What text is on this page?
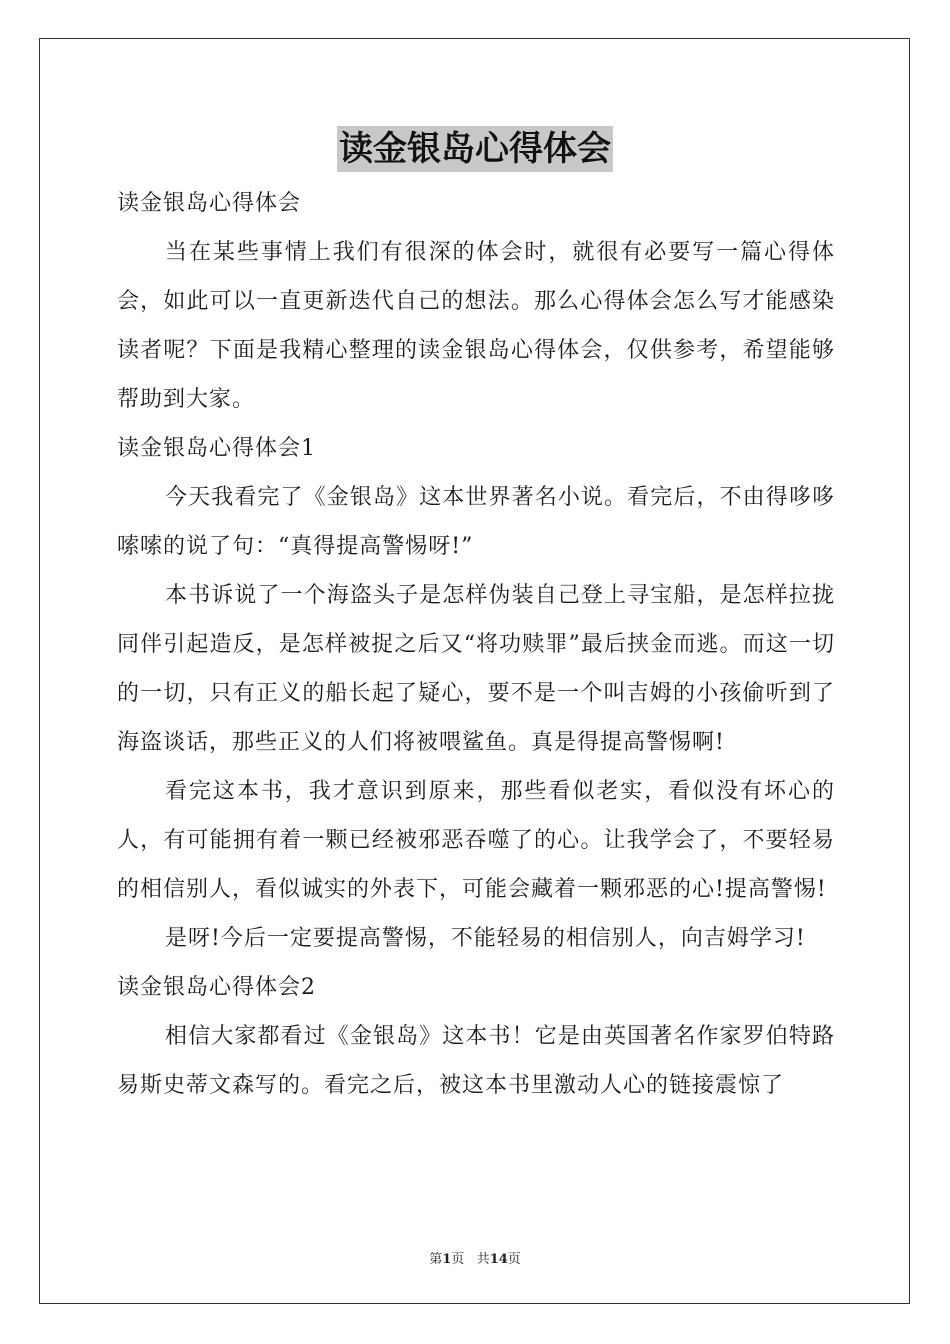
读金银岛心得体会

读金银岛心得体会

当在某些事情上我们有很深的体会时，就很有必要写一篇心得体会，如此可以一直更新迭代自己的想法。那么心得体会怎么写才能感染读者呢？下面是我精心整理的读金银岛心得体会，仅供参考，希望能够帮助到大家。

读金银岛心得体会1

今天我看完了《金银岛》这本世界著名小说。看完后，不由得哆哆嗦嗦的说了句：“真得提高警惕呀!”

本书诉说了一个海盗头子是怎样伪装自己登上寻宝船，是怎样拉拢同伴引起造反，是怎样被捉之后又“将功赎罪”最后挟金而逃。而这一切的一切，只有正义的船长起了疑心，要不是一个叫吉姆的小孩偷听到了海盗谈话，那些正义的人们将被喂鲨鱼。真是得提高警惕啊!

看完这本书，我才意识到原来，那些看似老实，看似没有坏心的人，有可能拥有着一颗已经被邪恶吞噬了的心。让我学会了，不要轻易的相信别人，看似诚实的外表下，可能会藏着一颗邪恶的心!提高警惕!

是呀!今后一定要提高警惕，不能轻易的相信别人，向吉姆学习!

读金银岛心得体会2

相信大家都看过《金银岛》这本书！它是由英国著名作家罗伯特路易斯史蒂文森写的。看完之后，被这本书里激动人心的链接震惊了

第1页 共14页
